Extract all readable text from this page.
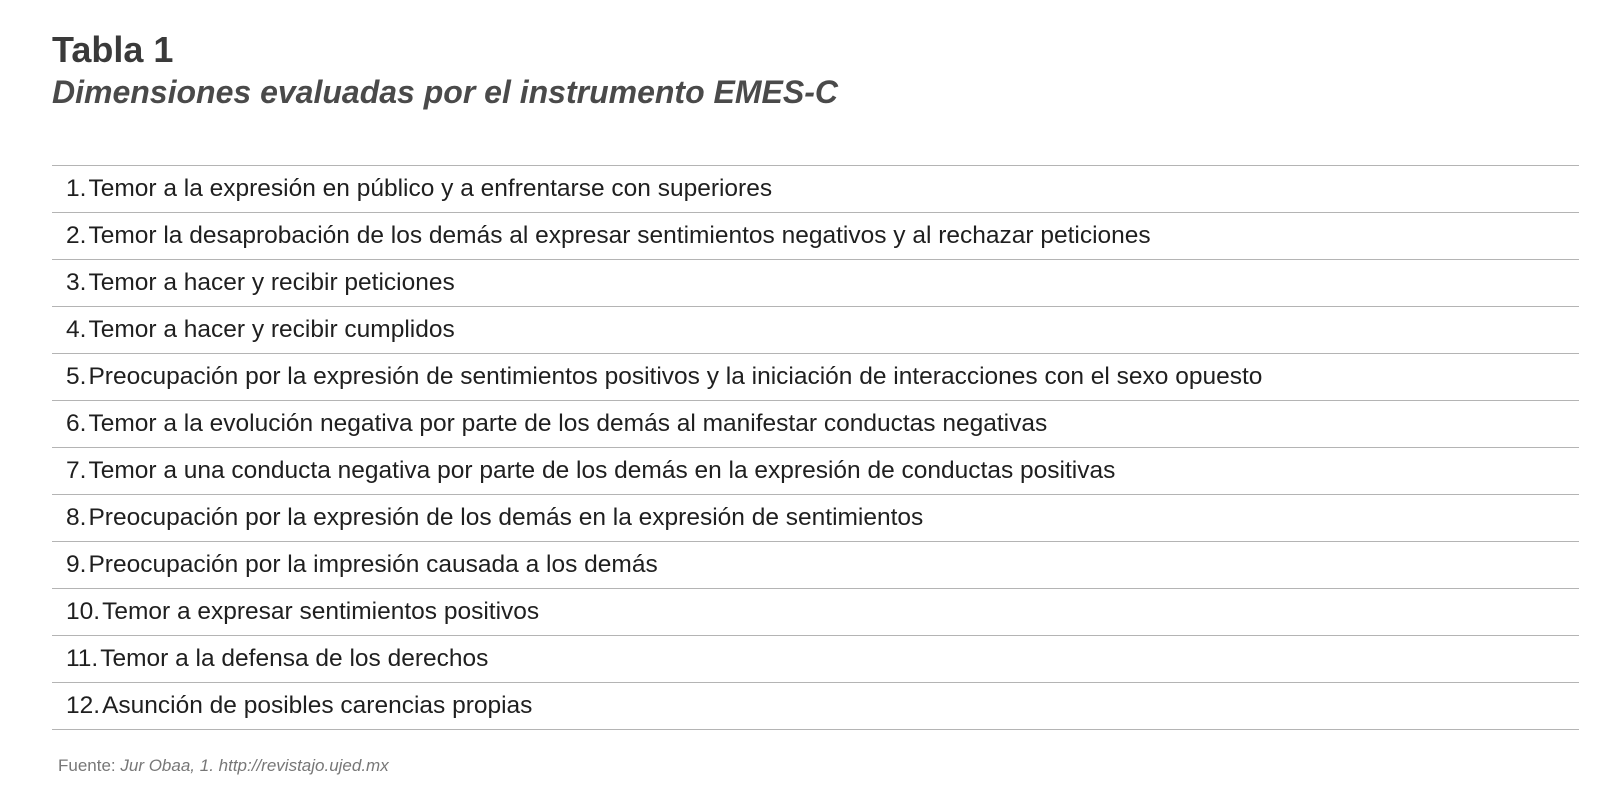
Tabla 1
Dimensiones evaluadas por el instrumento EMES-C
1. Temor a la expresión en público y a enfrentarse con superiores
2. Temor la desaprobación de los demás al expresar sentimientos negativos y al rechazar peticiones
3. Temor a hacer y recibir peticiones
4. Temor a hacer y recibir cumplidos
5. Preocupación por la expresión de sentimientos positivos y la iniciación de interacciones con el sexo opuesto
6. Temor a la evolución negativa por parte de los demás al manifestar conductas negativas
7. Temor a una conducta negativa por parte de los demás en la expresión de conductas positivas
8. Preocupación por la expresión de los demás en la expresión de sentimientos
9. Preocupación por la impresión causada a los demás
10. Temor a expresar sentimientos positivos
11. Temor a la defensa de los derechos
12. Asunción de posibles carencias propias
Fuente: Jur Obaa, 1. http://revistajo.ujed.mx
